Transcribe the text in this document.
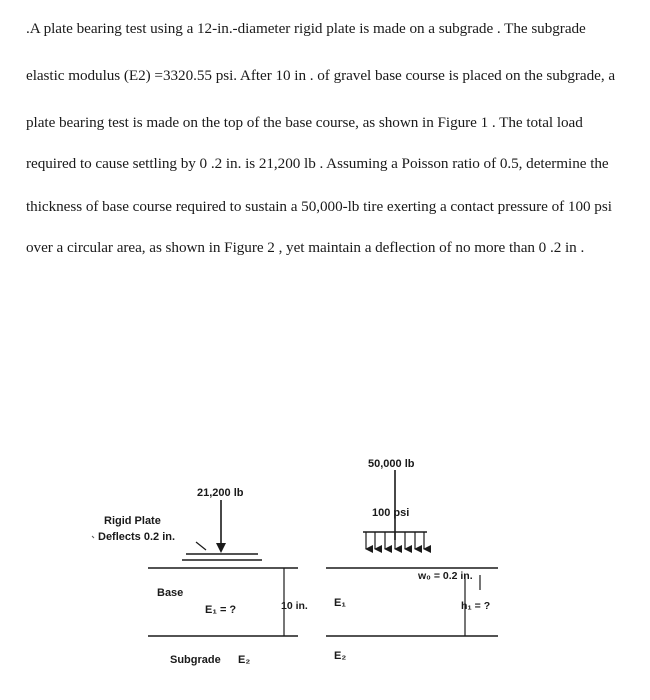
.A plate bearing test using a 12-in.-diameter rigid plate is made on a subgrade . The subgrade
elastic modulus (E2) =3320.55 psi. After 10 in . of gravel base course is placed on the subgrade, a
plate bearing test is made on the top of the base course, as shown in Figure 1 . The total load
required to cause settling by 0 .2 in. is 21,200 lb . Assuming a Poisson ratio of 0.5, determine the
thickness of base course required to sustain a 50,000-lb tire exerting a contact pressure of 100 psi
over a circular area, as shown in Figure 2 , yet maintain a deflection of no more than 0 .2 in .
21,200 lb
Rigid Plate
Deflects 0.2 in.
Base
E₁ = ?	10 in.
Subgrade E₂
50,000 lb
100 psi
w₀ = 0.2 in.
E₁	h₁ = ?
E₂
